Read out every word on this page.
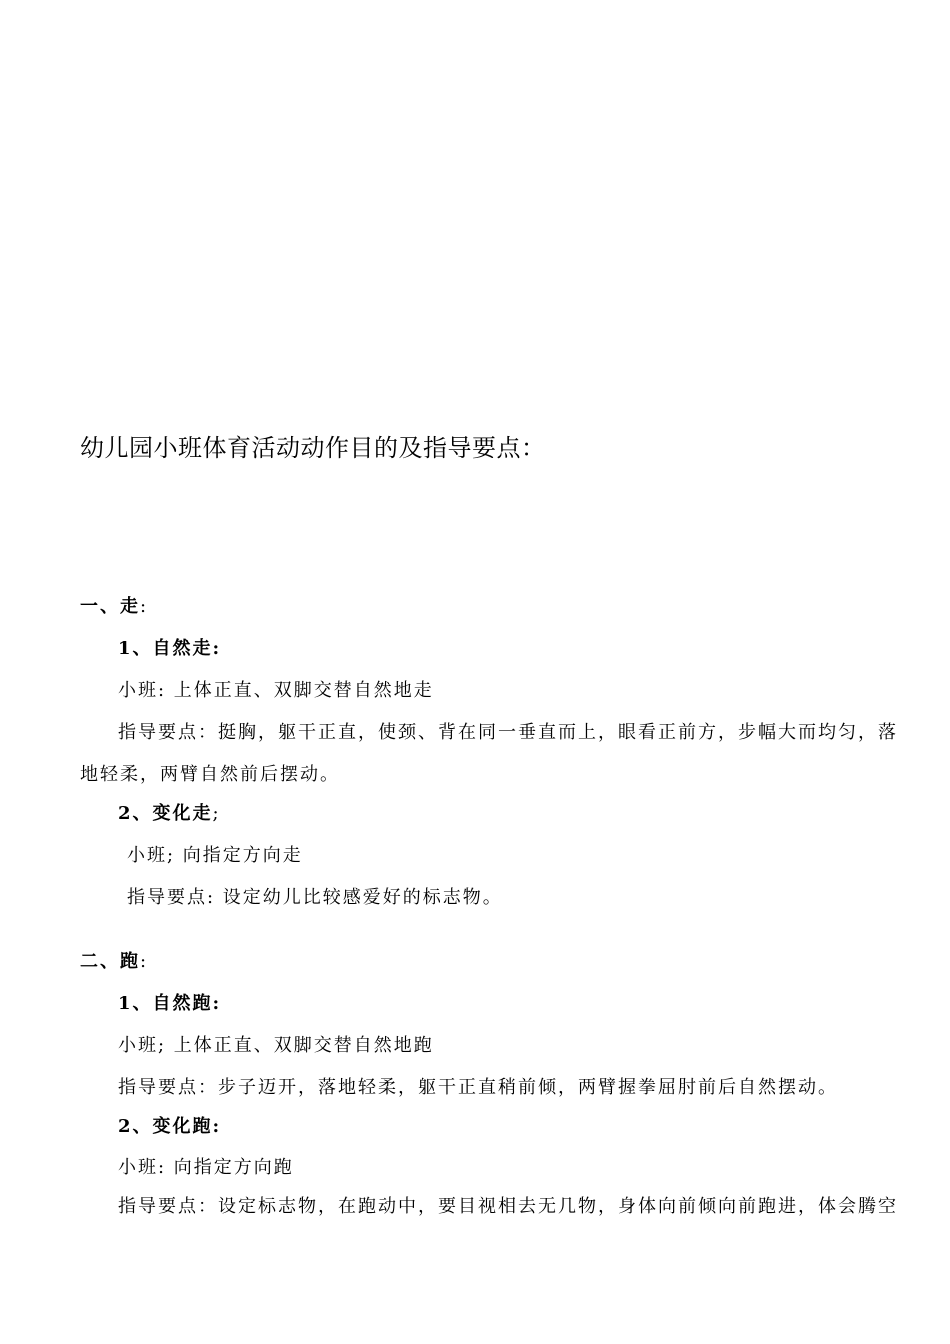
幼儿园小班体育活动动作目的及指导要点：
一、走:
1、自然走:
小班: 上体正直、双脚交替自然地走
指导要点：挺胸，躯干正直，使颈、背在同一垂直而上，眼看正前方，步幅大而均匀，落
地轻柔，两臂自然前后摆动。
2、变化走;
小班; 向指定方向走
指导要点: 设定幼儿比较感爱好的标志物。
二、跑:
1、自然跑:
小班; 上体正直、双脚交替自然地跑
指导要点：步子迈开，落地轻柔，躯干正直稍前倾，两臂握拳屈肘前后自然摆动。
2、变化跑:
小班: 向指定方向跑
指导要点：设定标志物，在跑动中，要目视相去无几物，身体向前倾向前跑进，体会腾空
